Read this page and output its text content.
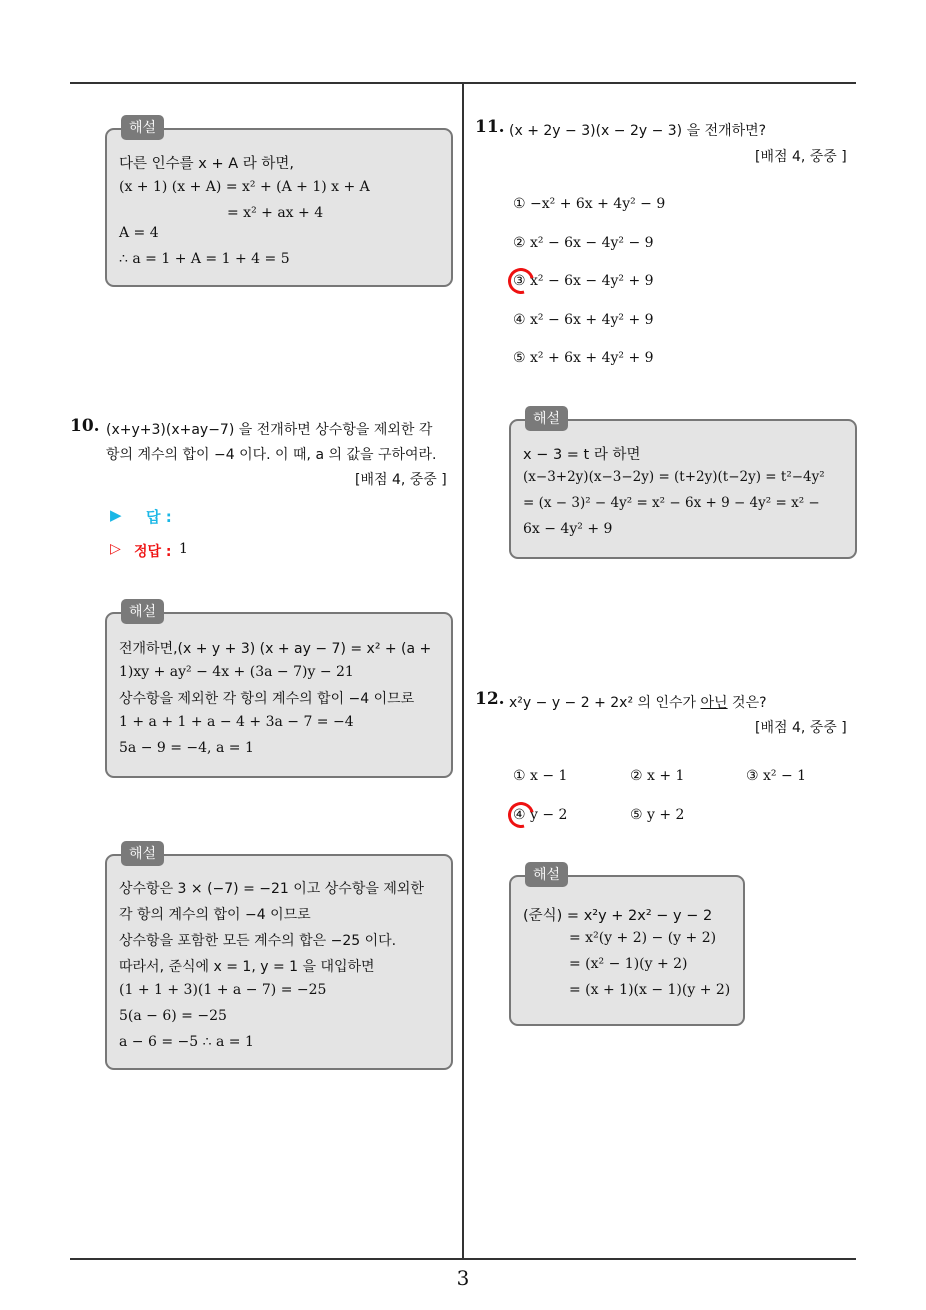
해설
다른 인수를 x + A 라 하면,
(x + 1) (x + A) = x² + (A + 1) x + A
= x² + ax + 4
A = 4
∴ a = 1 + A = 1 + 4 = 5
10. (x+y+3)(x+ay−7) 을 전개하면 상수항을 제외한 각
항의 계수의 합이 −4 이다. 이 때, a 의 값을 구하여라.
[배점 4, 중중 ]
▶ 답 :
▷ 정답 : 1
해설
전개하면,(x + y + 3) (x + ay − 7) = x² + (a +
1)xy + ay² − 4x + (3a − 7)y − 21
상수항을 제외한 각 항의 계수의 합이 −4 이므로
1 + a + 1 + a − 4 + 3a − 7 = −4
5a − 9 = −4, a = 1
해설
상수항은 3 × (−7) = −21 이고 상수항을 제외한
각 항의 계수의 합이 −4 이므로
상수항을 포함한 모든 계수의 합은 −25 이다.
따라서, 준식에 x = 1, y = 1 을 대입하면
(1 + 1 + 3)(1 + a − 7) = −25
5(a − 6) = −25
a − 6 = −5 ∴ a = 1
11. (x + 2y − 3)(x − 2y − 3) 을 전개하면?
[배점 4, 중중 ]
① −x² + 6x + 4y² − 9
② x² − 6x − 4y² − 9
③ x² − 6x − 4y² + 9
④ x² − 6x + 4y² + 9
⑤ x² + 6x + 4y² + 9
해설
x − 3 = t 라 하면
(x−3+2y)(x−3−2y) = (t+2y)(t−2y) = t²−4y²
= (x − 3)² − 4y² = x² − 6x + 9 − 4y² = x² −
6x − 4y² + 9
12. x²y − y − 2 + 2x² 의 인수가 아닌 것은?
[배점 4, 중중 ]
① x − 1	② x + 1	③ x² − 1
④ y − 2	⑤ y + 2
해설
(준식) = x²y + 2x² − y − 2
= x²(y + 2) − (y + 2)
= (x² − 1)(y + 2)
= (x + 1)(x − 1)(y + 2)
3
